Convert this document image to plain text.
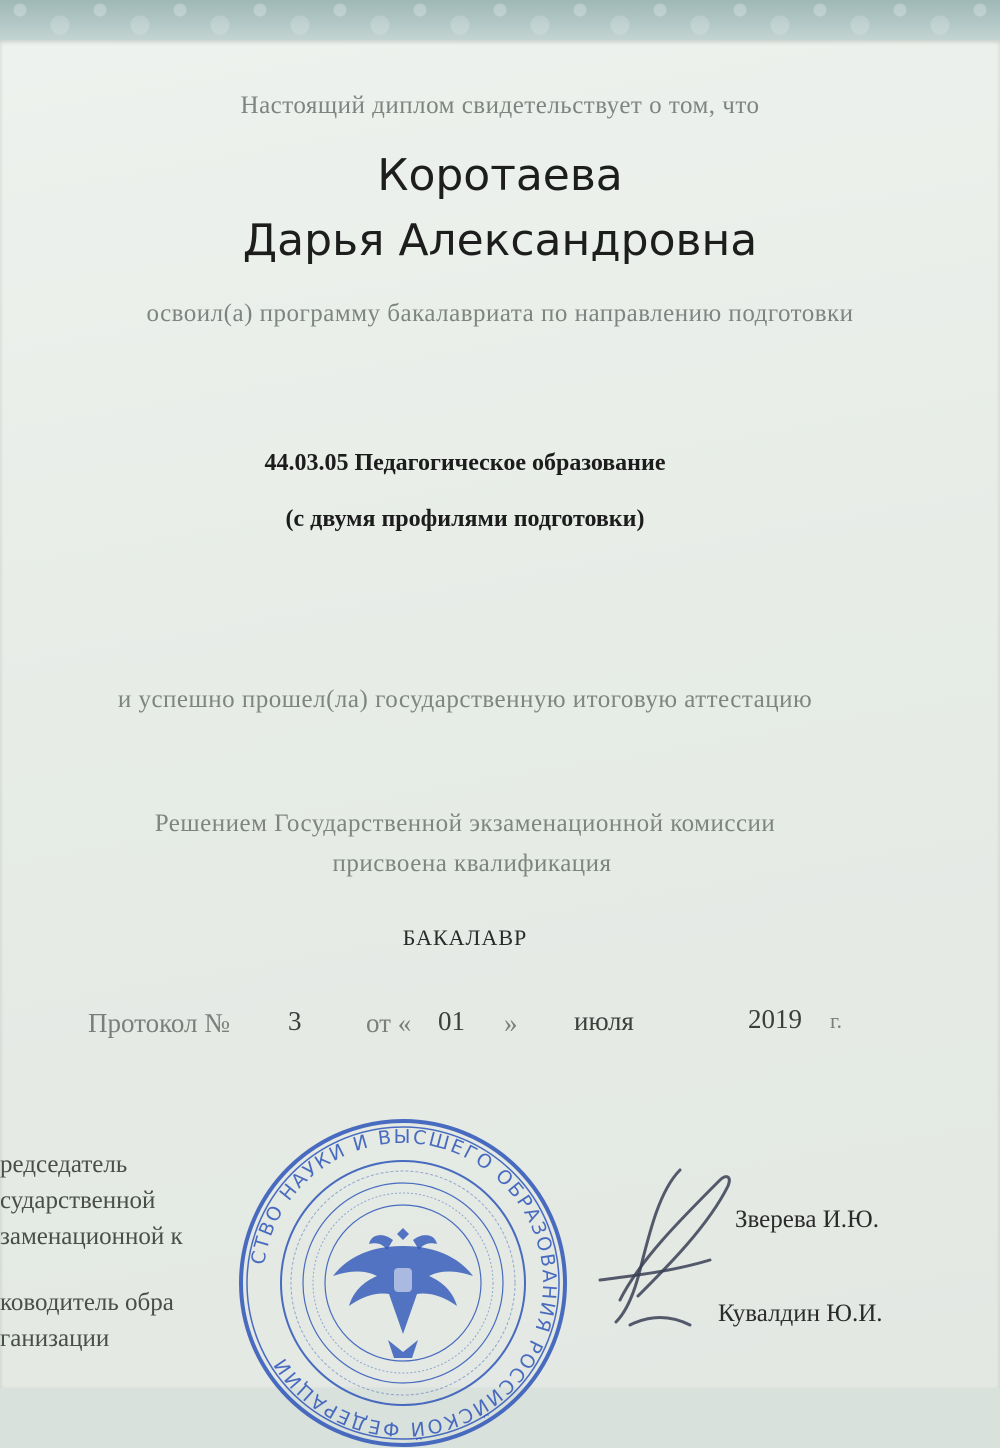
Настоящий диплом свидетельствует о том, что
Коротаева
Дарья Александровна
освоил(а) программу бакалавриата по направлению подготовки
44.03.05 Педагогическое образование
(с двумя профилями подготовки)
и успешно прошел(ла) государственную итоговую аттестацию
Решением Государственной экзаменационной комиссии
присвоена квалификация
БАКАЛАВР
Протокол № 3 от « 01 » июля	2019 г.
редседатель
сударственной
заменационной к
ководитель обра
ганизации
Зверева И.Ю.
Кувалдин Ю.И.
СТВО НАУКИ И ВЫСШЕГО ОБРАЗОВАНИЯ РОССИЙСКОЙ ФЕДЕРАЦИИ
